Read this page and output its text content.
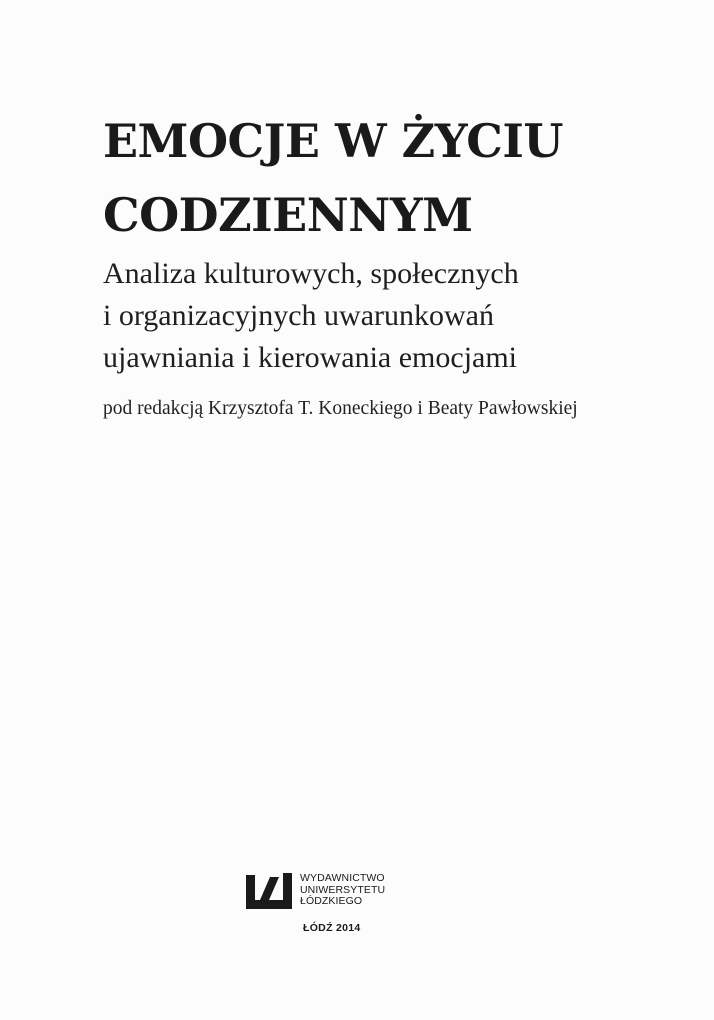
EMOCJE W ŻYCIU
CODZIENNYM
Analiza kulturowych, społecznych
i organizacyjnych uwarunkowań
ujawniania i kierowania emocjami

pod redakcją Krzysztofa T. Koneckiego i Beaty Pawłowskiej

WYDAWNICTWO
UNIWERSYTETU
ŁÓDZKIEGO
ŁÓDŹ 2014
